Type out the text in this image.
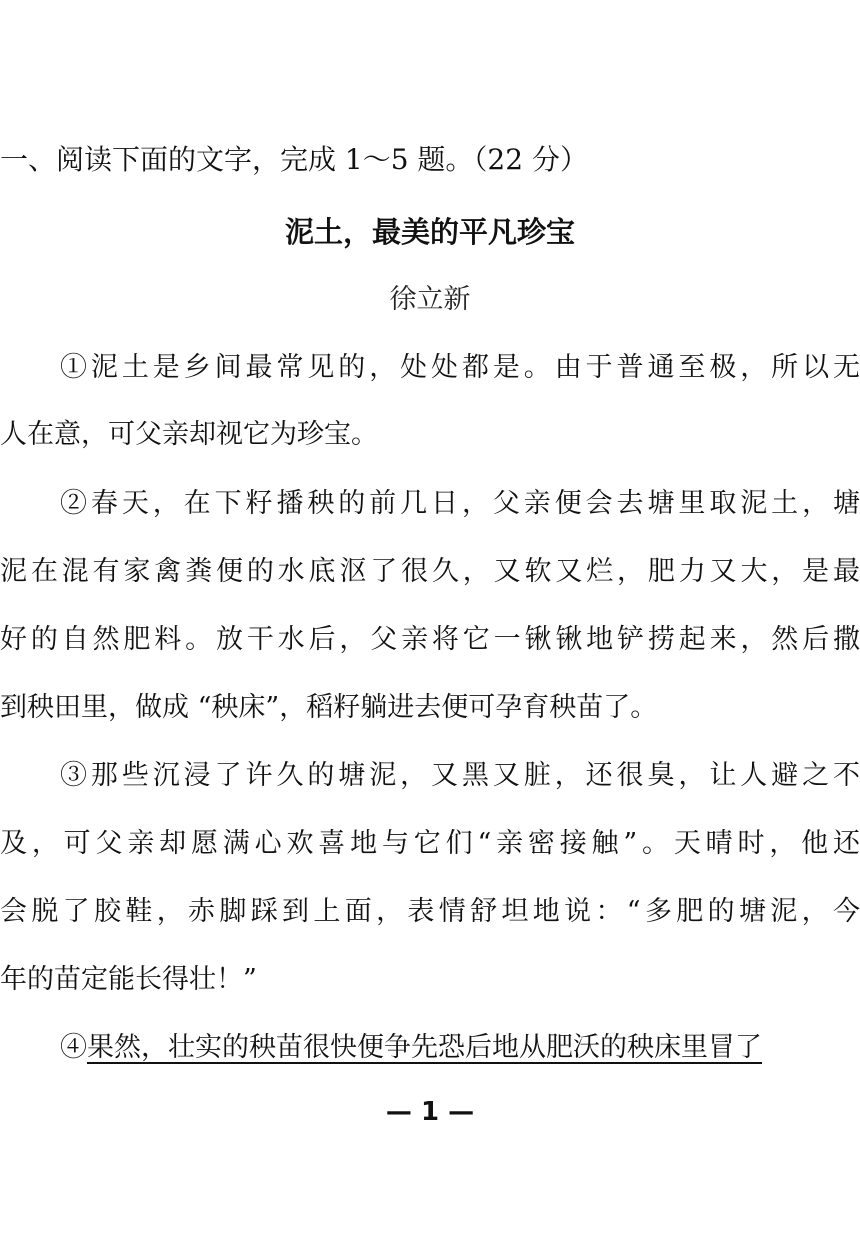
一、阅读下面的文字，完成 1～5 题。（22 分）
泥土，最美的平凡珍宝
徐立新
①泥土是乡间最常见的，处处都是。由于普通至极，所以无
人在意，可父亲却视它为珍宝。
②春天，在下籽播秧的前几日，父亲便会去塘里取泥土，塘
泥在混有家禽粪便的水底沤了很久，又软又烂，肥力又大，是最
好的自然肥料。放干水后，父亲将它一锹锹地铲捞起来，然后撒
到秧田里，做成 “秧床”，稻籽躺进去便可孕育秧苗了。
③那些沉浸了许久的塘泥，又黑又脏，还很臭，让人避之不
及，可父亲却愿满心欢喜地与它们“亲密接触”。天晴时，他还
会脱了胶鞋，赤脚踩到上面，表情舒坦地说：“多肥的塘泥，今
年的苗定能长得壮！”
④果然，壮实的秧苗很快便争先恐后地从肥沃的秧床里冒了
— 1 —
